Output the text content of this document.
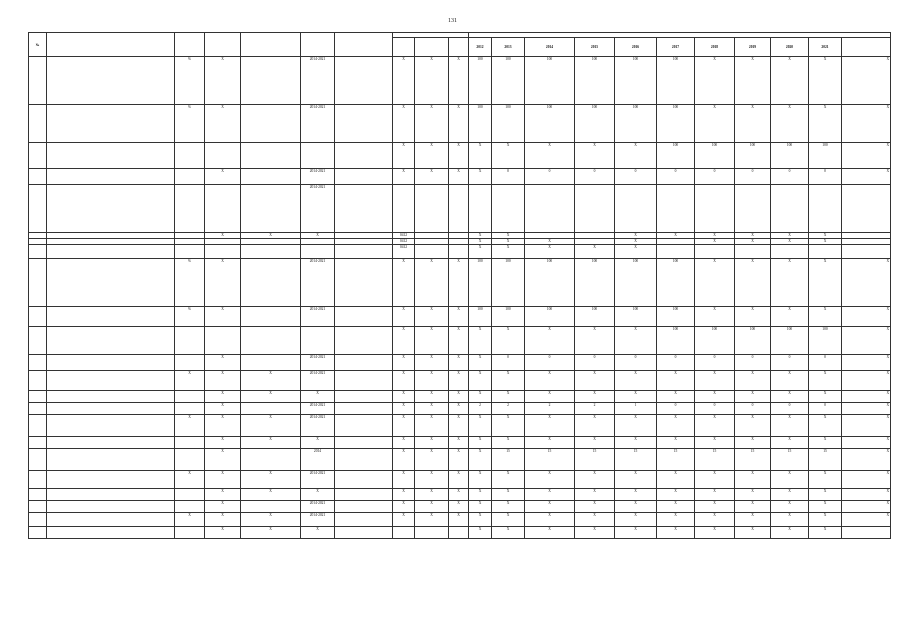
131
№																				
										2012	2013	2014	2015	2016	2017	2018	2019	2020	2021	
		%	X		2014-2021		X	X	X	100	100	100	100	100	100	X	X	X	X	X
		%	X		2014-2021		X	X	X	100	100	100	100	100	100	X	X	X	X	X
							X	X	X	X	X	X	X	X	100	100	100	100	100	X
			X		2014-2021		X	X	X	X	0	0	0	0	0	0	0	0	0	X
					2014-2021															
			X	X	X		0412			X	X			X	X	X	X	X	X	
							0412			X	X	X		X		X	X	X	X	
							0412			X	X	X	X	X						
		%	X		2014-2021		X	X	X	100	100	100	100	100	100	X	X	X	X	X
		%	X		2014-2021		X	X	X	100	100	100	100	100	100	X	X	X	X	X
							X	X	X	X	X	X	X	X	100	100	100	100	100	X
			X		2014-2021		X	X	X	X	0	0	0	0	0	0	0	0	0	X
		X	X	X	2014-2021		X	X	X	X	X	X	X	X	X	X	X	X	X	X
			X	X	X		X	X	X	X	X	X	X	X	X	X	X	X	X	X
			X		2014-2021		X	X	X	2	2	2	2	1	0	0	0	0	0	X
		X	X	X	2014-2021		X	X	X	X	X	X	X	X	X	X	X	X	X	X
			X	X	X		X	X	X	X	X	X	X	X	X	X	X	X	X	X
			X		2014		X	X	X	X	15	15	15	15	15	15	15	15	15	X
		X	X	X	2014-2021		X	X	X	X	X	X	X	X	X	X	X	X	X	X
			X	X	X		X	X	X	X	X	X	X	X	X	X	X	X	X	X
			X		2014-2021		X	X	X	X	X	X	X	X	X	X	X	X	X	X
		X	X	X	2014-2021		X	X	X	X	X	X	X	X	X	X	X	X	X	X
			X	X	X					X	X	X	X	X	X	X	X	X	X	
